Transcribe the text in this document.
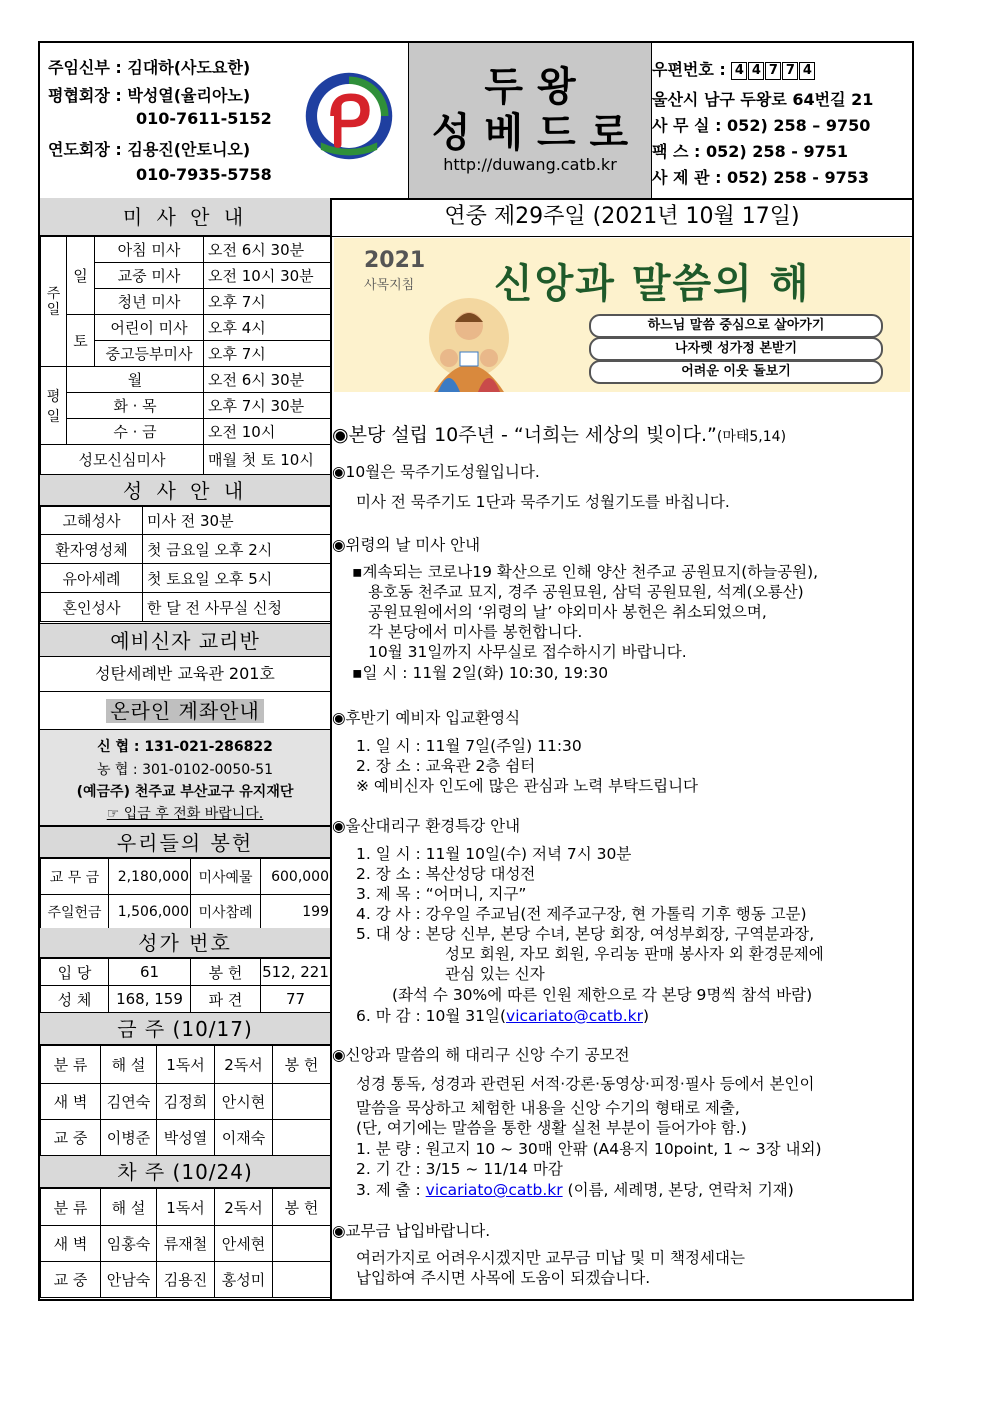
주임신부 : 김대하(사도요한)
평협회장 : 박성열(율리아노)
010-7611-5152
연도회장 : 김용진(안토니오)
010-7935-5758
두 왕
성 베 드 로
http://duwang.catb.kr
우편번호 : 4 4 7 7 4
울산시 남구 두왕로 64번길 21
사 무 실 : 052) 258 – 9750
팩 스 : 052) 258 - 9751
사 제 관 : 052) 258 - 9753
미 사 안 내
주일	일	아침 미사	오전 6시 30분
		교중 미사	오전 10시 30분
		청년 미사	오후 7시
	토	어린이 미사	오후 4시
		중고등부미사	오후 7시
평일	월		오전 6시 30분
	화 · 목		오후 7시 30분
	수 · 금		오전 10시
성모신심미사			매월 첫 토 10시
성 사 안 내
고해성사	미사 전 30분
환자영성체	첫 금요일 오후 2시
유아세례	첫 토요일 오후 5시
혼인성사	한 달 전 사무실 신청
예비신자 교리반
성탄세례반 교육관 201호
온라인 계좌안내
신 협 : 131-021-286822
농 협 : 301-0102-0050-51
(예금주) 천주교 부산교구 유지재단
☞ 입금 후 전화 바랍니다.
우리들의 봉헌
교 무 금	2,180,000	미사예물	600,000
주일헌금	1,506,000	미사참례	199
성가 번호
입 당	61	봉 헌	512, 221
성 체	168, 159	파 견	77
금 주 (10/17)
분 류	해 설	1독서	2독서	봉 헌
새 벽	김연숙	김정희	안시현	
교 중	이병준	박성열	이재숙	
차 주 (10/24)
분 류	해 설	1독서	2독서	봉 헌
새 벽	임홍숙	류재철	안세현	
교 중	안남숙	김용진	홍성미	
연중 제29주일 (2021년 10월 17일)
2021
사목지침 신앙과 말씀의 해
하느님 말씀 중심으로 살아가기
나자렛 성가정 본받기
어려운 이웃 돌보기
◉본당 설립 10주년 - “너희는 세상의 빛이다.”(마태5,14)
◉10월은 묵주기도성월입니다.
미사 전 묵주기도 1단과 묵주기도 성월기도를 바칩니다.
◉위령의 날 미사 안내
▪계속되는 코로나19 확산으로 인해 양산 천주교 공원묘지(하늘공원),
용호동 천주교 묘지, 경주 공원묘원, 삼덕 공원묘원, 석계(오룡산)
공원묘원에서의 ‘위령의 날’ 야외미사 봉헌은 취소되었으며,
각 본당에서 미사를 봉헌합니다.
10월 31일까지 사무실로 접수하시기 바랍니다.
▪일 시 : 11월 2일(화) 10:30, 19:30
◉후반기 예비자 입교환영식
1. 일 시 : 11월 7일(주일) 11:30
2. 장 소 : 교육관 2층 쉼터
※ 예비신자 인도에 많은 관심과 노력 부탁드립니다
◉울산대리구 환경특강 안내
1. 일 시 : 11월 10일(수) 저녁 7시 30분
2. 장 소 : 복산성당 대성전
3. 제 목 : “어머니, 지구”
4. 강 사 : 강우일 주교님(전 제주교구장, 현 가톨릭 기후 행동 고문)
5. 대 상 : 본당 신부, 본당 수녀, 본당 회장, 여성부회장, 구역분과장,
성모 회원, 자모 회원, 우리농 판매 봉사자 외 환경문제에
관심 있는 신자
(좌석 수 30%에 따른 인원 제한으로 각 본당 9명씩 참석 바람)
6. 마 감 : 10월 31일(vicariato@catb.kr)
◉신앙과 말씀의 해 대리구 신앙 수기 공모전
성경 통독, 성경과 관련된 서적·강론·동영상·피정·필사 등에서 본인이
말씀을 묵상하고 체험한 내용을 신앙 수기의 형태로 제출,
(단, 여기에는 말씀을 통한 생활 실천 부분이 들어가야 함.)
1. 분 량 : 원고지 10 ~ 30매 안팎 (A4용지 10point, 1 ~ 3장 내외)
2. 기 간 : 3/15 ~ 11/14 마감
3. 제 출 : vicariato@catb.kr (이름, 세례명, 본당, 연락처 기재)
◉교무금 납입바랍니다.
여러가지로 어려우시겠지만 교무금 미납 및 미 책정세대는
납입하여 주시면 사목에 도움이 되겠습니다.
